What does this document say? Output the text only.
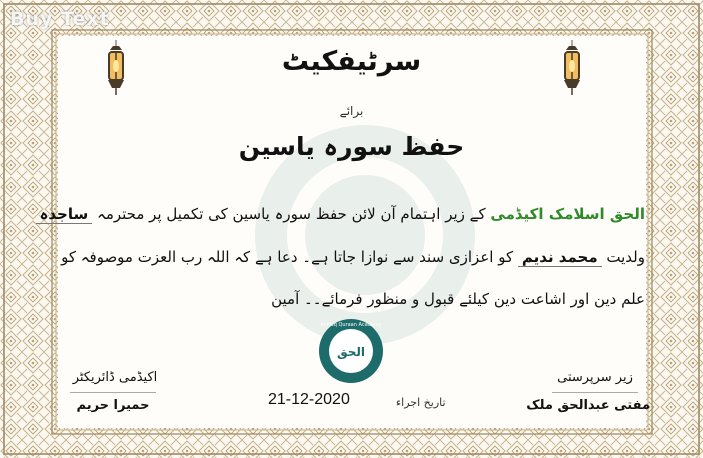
Buy Text
سرٹیفکیٹ
برائے
حفظ سورہ یاسین
الحق اسلامک اکیڈمی کے زیر اہتمام آن لائن حفظ سورہ یاسین کی تکمیل پر محترمہ ساجدہ
ولدیت محمد ندیم کو اعزازی سند سے نوازا جاتا ہے۔ دعا ہے کہ اللہ رب العزت موصوفہ کو
علم دین اور اشاعت دین کیلئے قبول و منظور فرمائے۔۔ آمین
الحق
Al-Haq Quraan Academy
اکیڈمی ڈائریکٹر
حمیرا حریم	تاریخ اجراء
21-12-2020
زیر سرپرستی
مفتی عبدالحق ملک
